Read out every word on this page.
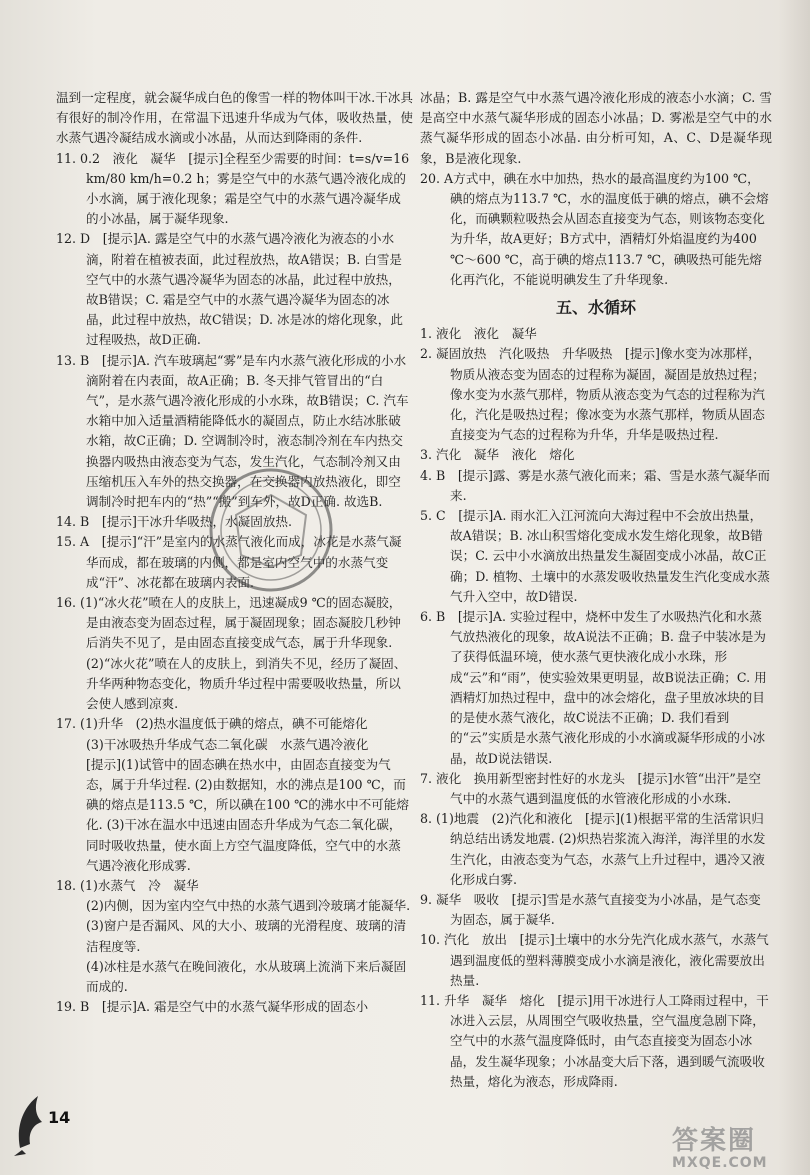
温到一定程度，就会凝华成白色的像雪一样的物体叫干冰.干冰具有很好的制冷作用，在常温下迅速升华成为气体，吸收热量，使水蒸气遇冷凝结成水滴或小冰晶，从而达到降雨的条件.

11. 0.2　液化　凝华　[提示]全程至少需要的时间：t=s/v=16 km/80 km/h=0.2 h；雾是空气中的水蒸气遇冷液化成的小水滴，属于液化现象；霜是空气中的水蒸气遇冷凝华成的小冰晶，属于凝华现象.

12. D　[提示]A. 露是空气中的水蒸气遇冷液化为液态的小水滴，附着在植被表面，此过程放热，故A错误；B. 白雪是空气中的水蒸气遇冷凝华为固态的冰晶，此过程中放热，故B错误；C. 霜是空气中的水蒸气遇冷凝华为固态的冰晶，此过程中放热，故C错误；D. 冰是冰的熔化现象，此过程吸热，故D正确.

13. B　[提示]A. 汽车玻璃起“雾”是车内水蒸气液化形成的小水滴附着在内表面，故A正确；B. 冬天排气管冒出的“白气”，是水蒸气遇冷液化形成的小水珠，故B错误；C. 汽车水箱中加入适量酒精能降低水的凝固点，防止水结冰胀破水箱，故C正确；D. 空调制冷时，液态制冷剂在车内热交换器内吸热由液态变为气态，发生汽化，气态制冷剂又由压缩机压入车外的热交换器，在交换器内放热液化，即空调制冷时把车内的“热”“搬”到车外，故D正确. 故选B.

14. B　[提示]干冰升华吸热，水凝固放热.

15. A　[提示]“汗”是室内的水蒸气液化而成，冰花是水蒸气凝华而成，都在玻璃的内侧，都是室内空气中的水蒸气变成“汗”、冰花都在玻璃内表面.

16. (1)“冰火花”喷在人的皮肤上，迅速凝成9 ℃的固态凝胶，是由液态变为固态过程，属于凝固现象；固态凝胶几秒钟后消失不见了，是由固态直接变成气态，属于升华现象.

(2)“冰火花”喷在人的皮肤上，到消失不见，经历了凝固、升华两种物态变化，物质升华过程中需要吸收热量，所以会使人感到凉爽.

17. (1)升华　(2)热水温度低于碘的熔点，碘不可能熔化

(3)干冰吸热升华成气态二氧化碳　水蒸气遇冷液化

[提示](1)试管中的固态碘在热水中，由固态直接变为气态，属于升华过程. (2)由数据知，水的沸点是100 ℃，而碘的熔点是113.5 ℃，所以碘在100 ℃的沸水中不可能熔化. (3)干冰在温水中迅速由固态升华成为气态二氧化碳，同时吸收热量，使水面上方空气温度降低，空气中的水蒸气遇冷液化形成雾.

18. (1)水蒸气　冷　凝华

(2)内侧，因为室内空气中热的水蒸气遇到冷玻璃才能凝华.

(3)窗户是否漏风、风的大小、玻璃的光滑程度、玻璃的清洁程度等.

(4)冰柱是水蒸气在晚间液化，水从玻璃上流淌下来后凝固而成的.

19. B　[提示]A. 霜是空气中的水蒸气凝华形成的固态小

冰晶；B. 露是空气中水蒸气遇冷液化形成的液态小水滴；C. 雪是高空中水蒸气凝华形成的固态小冰晶；D. 雾凇是空气中的水蒸气凝华形成的固态小冰晶. 由分析可知，A、C、D是凝华现象，B是液化现象.

20. A方式中，碘在水中加热，热水的最高温度约为100 ℃，碘的熔点为113.7 ℃，水的温度低于碘的熔点，碘不会熔化，而碘颗粒吸热会从固态直接变为气态，则该物态变化为升华，故A更好；B方式中，酒精灯外焰温度约为400 ℃～600 ℃，高于碘的熔点113.7 ℃，碘吸热可能先熔化再汽化，不能说明碘发生了升华现象.

五、水循环

1. 液化　液化　凝华

2. 凝固放热　汽化吸热　升华吸热　[提示]像水变为冰那样，物质从液态变为固态的过程称为凝固，凝固是放热过程；像水变为水蒸气那样，物质从液态变为气态的过程称为汽化，汽化是吸热过程；像冰变为水蒸气那样，物质从固态直接变为气态的过程称为升华，升华是吸热过程.

3. 汽化　凝华　液化　熔化

4. B　[提示]露、雾是水蒸气液化而来；霜、雪是水蒸气凝华而来.

5. C　[提示]A. 雨水汇入江河流向大海过程中不会放出热量，故A错误；B. 冰山积雪熔化变成水发生熔化现象，故B错误；C. 云中小水滴放出热量发生凝固变成小冰晶，故C正确；D. 植物、土壤中的水蒸发吸收热量发生汽化变成水蒸气升入空中，故D错误.

6. B　[提示]A. 实验过程中，烧杯中发生了水吸热汽化和水蒸气放热液化的现象，故A说法不正确；B. 盘子中装冰是为了获得低温环境，使水蒸气更快液化成小水珠，形成“云”和“雨”，使实验效果更明显，故B说法正确；C. 用酒精灯加热过程中，盘中的冰会熔化，盘子里放冰块的目的是使水蒸气液化，故C说法不正确；D. 我们看到的“云”实质是水蒸气液化形成的小水滴或凝华形成的小冰晶，故D说法错误.

7. 液化　换用新型密封性好的水龙头　[提示]水管“出汗”是空气中的水蒸气遇到温度低的水管液化形成的小水珠.

8. (1)地震　(2)汽化和液化　[提示](1)根据平常的生活常识归纳总结出诱发地震. (2)炽热岩浆流入海洋，海洋里的水发生汽化，由液态变为气态，水蒸气上升过程中，遇冷又液化形成白雾.

9. 凝华　吸收　[提示]雪是水蒸气直接变为小冰晶，是气态变为固态，属于凝华.

10. 汽化　放出　[提示]土壤中的水分先汽化成水蒸气，水蒸气遇到温度低的塑料薄膜变成小水滴是液化，液化需要放出热量.

11. 升华　凝华　熔化　[提示]用干冰进行人工降雨过程中，干冰进入云层，从周围空气吸收热量，空气温度急剧下降，空气中的水蒸气温度降低时，由气态直接变为固态小冰晶，发生凝华现象；小冰晶变大后下落，遇到暖气流吸收热量，熔化为液态，形成降雨.

14
答案圈
MXQE.COM
